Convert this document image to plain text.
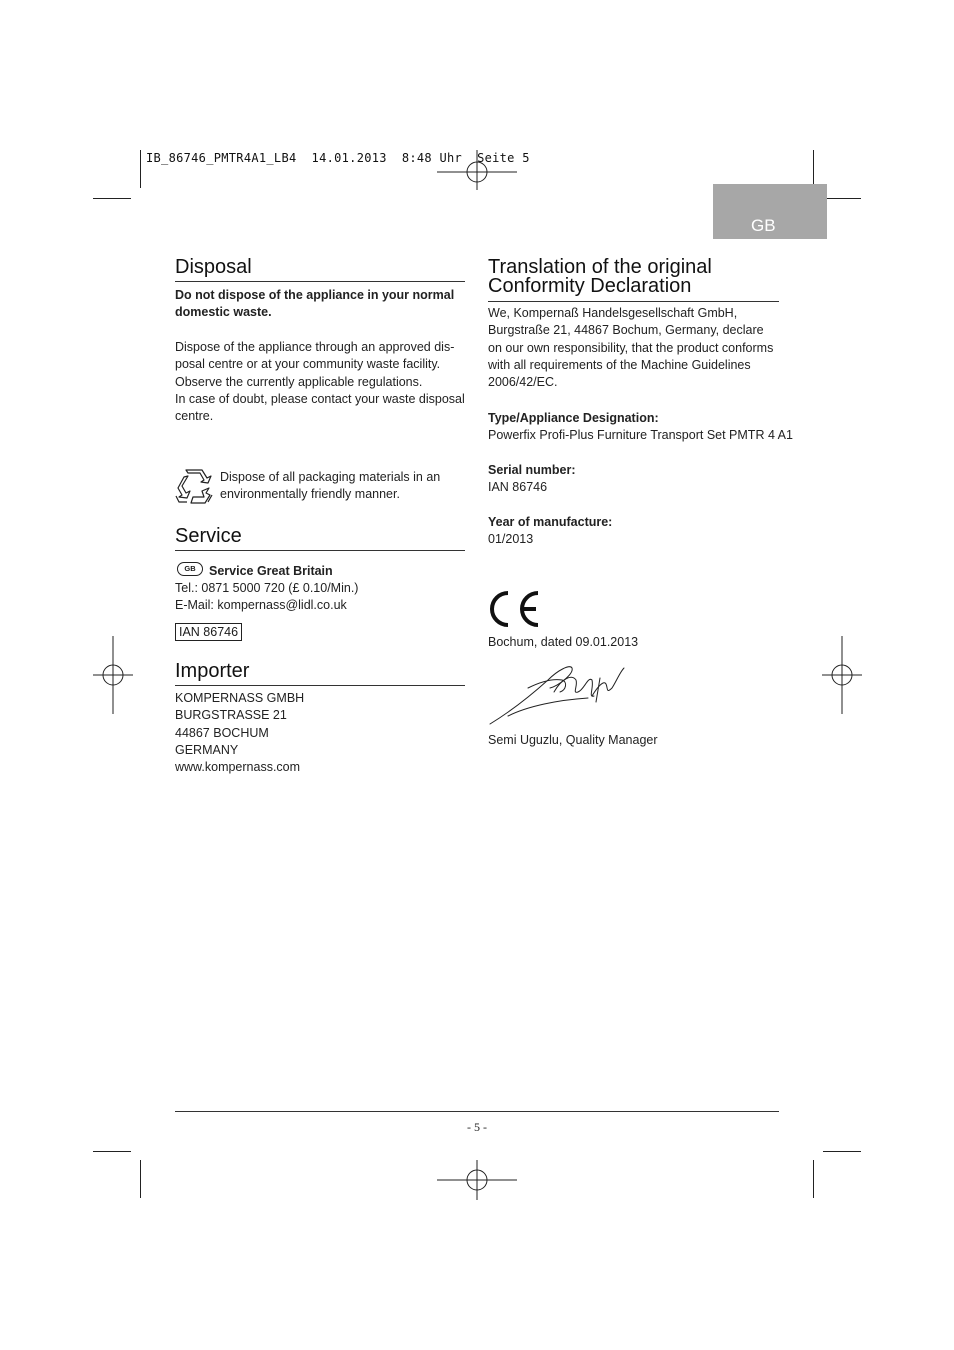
IB_86746_PMTR4A1_LB4  14.01.2013  8:48 Uhr  Seite 5
GB
Disposal
Do not dispose of the appliance in your normal
domestic waste.
Dispose of the appliance through an approved dis-
posal centre or at your community waste facility.
Observe the currently applicable regulations.
In case of doubt, please contact your waste disposal
centre.
Dispose of all packaging materials in an
environmentally friendly manner.
Service
GB	Service Great Britain
Tel.: 0871 5000 720 (£ 0.10/Min.)
E-Mail: kompernass@lidl.co.uk
IAN 86746
Importer
KOMPERNASS GMBH
BURGSTRASSE 21
44867 BOCHUM
GERMANY
www.kompernass.com
Translation of the original
Conformity Declaration
We, Kompernaß Handelsgesellschaft GmbH,
Burgstraße 21, 44867 Bochum, Germany, declare
on our own responsibility, that the product conforms
with all requirements of the Machine Guidelines
2006/42/EC.
Type/Appliance Designation:
Powerfix Profi-Plus Furniture Transport Set PMTR 4 A1
Serial number:
IAN 86746
Year of manufacture:
01/2013
Bochum, dated 09.01.2013
Semi Uguzlu, Quality Manager
- 5 -
